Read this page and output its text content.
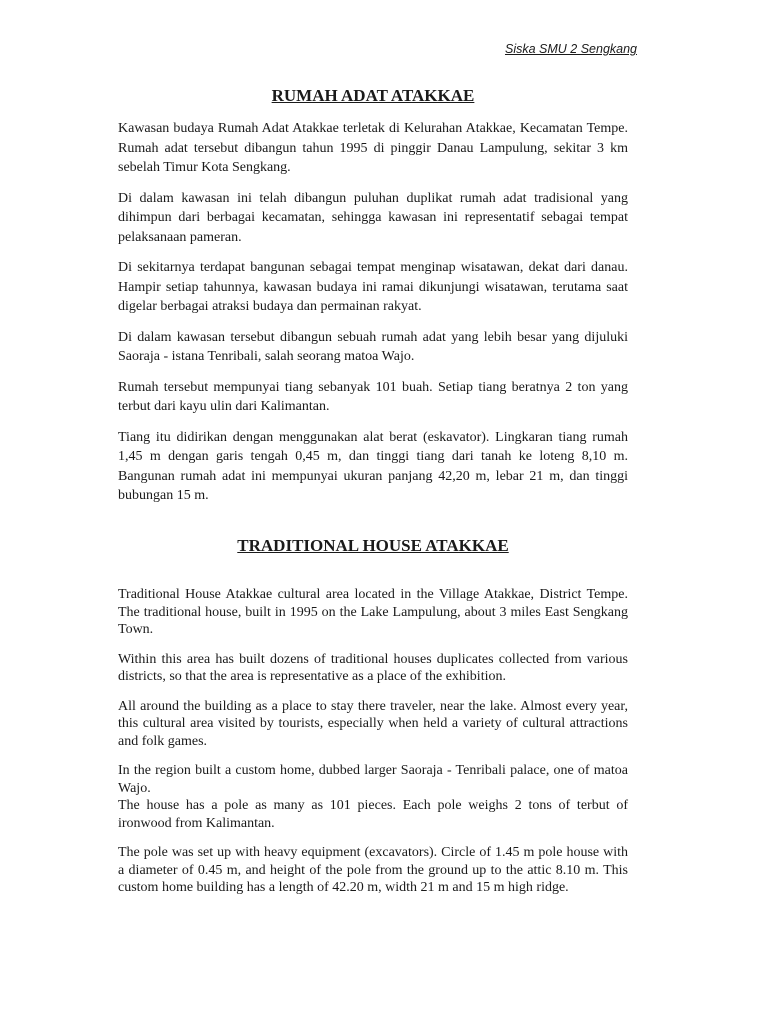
Siska SMU 2 Sengkang
RUMAH ADAT ATAKKAE

Kawasan budaya Rumah Adat Atakkae terletak di Kelurahan Atakkae, Kecamatan Tempe. Rumah adat tersebut dibangun tahun 1995 di pinggir Danau Lampulung, sekitar 3 km sebelah Timur Kota Sengkang.

Di dalam kawasan ini telah dibangun puluhan duplikat rumah adat tradisional yang dihimpun dari berbagai kecamatan, sehingga kawasan ini representatif sebagai tempat pelaksanaan pameran.

Di sekitarnya terdapat bangunan sebagai tempat menginap wisatawan, dekat dari danau. Hampir setiap tahunnya, kawasan budaya ini ramai dikunjungi wisatawan, terutama saat digelar berbagai atraksi budaya dan permainan rakyat.

Di dalam kawasan tersebut dibangun sebuah rumah adat yang lebih besar yang dijuluki Saoraja - istana Tenribali, salah seorang matoa Wajo.

Rumah tersebut mempunyai tiang sebanyak 101 buah. Setiap tiang beratnya 2 ton yang terbut dari kayu ulin dari Kalimantan.

Tiang itu didirikan dengan menggunakan alat berat (eskavator). Lingkaran tiang rumah 1,45 m dengan garis tengah 0,45 m, dan tinggi tiang dari tanah ke loteng 8,10 m. Bangunan rumah adat ini mempunyai ukuran panjang 42,20 m, lebar 21 m, dan tinggi bubungan 15 m.

TRADITIONAL HOUSE ATAKKAE

Traditional House Atakkae cultural area located in the Village Atakkae, District Tempe. The traditional house, built in 1995 on the Lake Lampulung, about 3 miles East Sengkang Town.

Within this area has built dozens of traditional houses duplicates collected from various districts, so that the area is representative as a place of the exhibition.

All around the building as a place to stay there traveler, near the lake. Almost every year, this cultural area visited by tourists, especially when held a variety of cultural attractions and folk games.

In the region built a custom home, dubbed larger Saoraja - Tenribali palace, one of matoa Wajo.

The house has a pole as many as 101 pieces. Each pole weighs 2 tons of terbut of ironwood from Kalimantan.

The pole was set up with heavy equipment (excavators). Circle of 1.45 m pole house with a diameter of 0.45 m, and height of the pole from the ground up to the attic 8.10 m. This custom home building has a length of 42.20 m, width 21 m and 15 m high ridge.
